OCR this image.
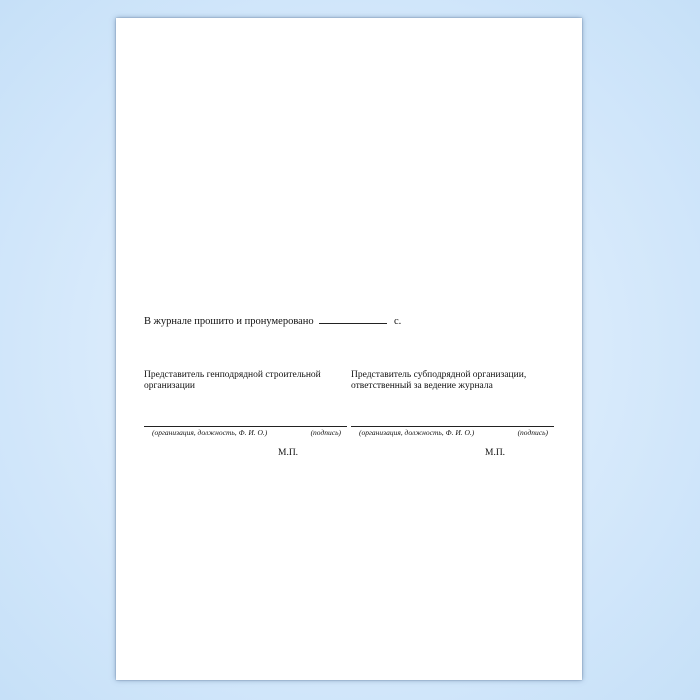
В журнале прошито и пронумеровано	с.
Представитель генподрядной строительной организации
(организация, должность, Ф. И. О.)	(подпись)
М.П.
Представитель субподрядной организации, ответственный за ведение журнала
(организация, должность, Ф. И. О.)	(подпись)
М.П.
